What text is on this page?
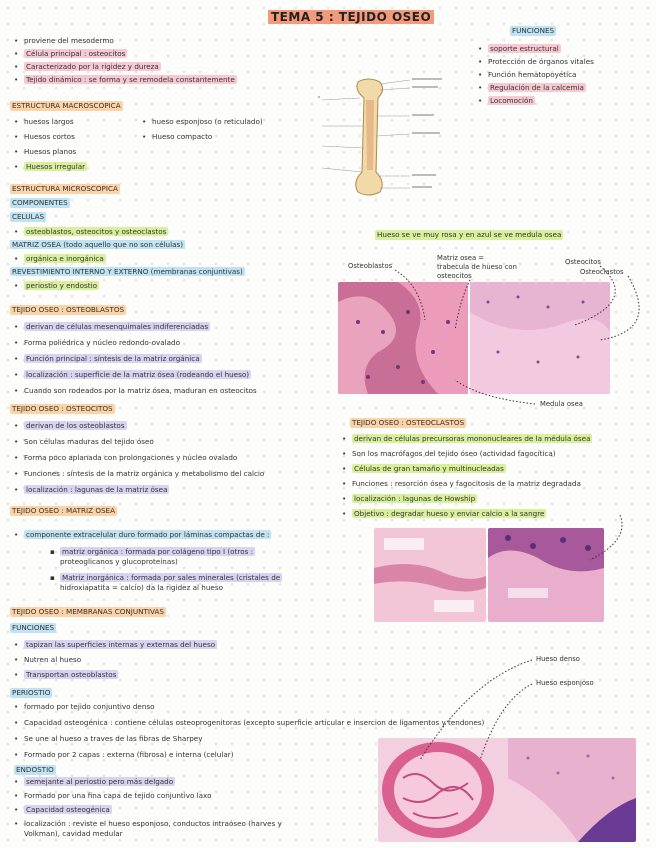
TEMA 5 : TEJIDO OSEO
• proviene del mesodermo
• Célula principal : osteocitos
• Caracterizado por la rigidez y dureza
• Tejido dinámico : se forma y se remodela constantemente
FUNCIONES
• soporte estructural
• Protección de órganos vitales
• Función hematopoyética
• Regulación de la calcemia
• Locomoción
ESTRUCTURA MACROSCOPICA
• huesos largos
• Huesos cortos
• Huesos planos
• Huesos irregular
• hueso esponjoso (o reticulado)
• Hueso compacto
ESTRUCTURA MICROSCOPICA
COMPONENTES
CELULAS
• osteoblastos, osteocitos y osteoclastos
MATRIZ OSEA (todo aquello que no son células)
• orgánica e inorgánica
REVESTIMIENTO INTERNO Y EXTERNO (membranas conjuntivas)
• periostio y endostio
Hueso se ve muy rosa y en azul se ve medula osea
Osteoblastos
Matriz osea =
trabecula de hueso con
osteocitos
Osteocitos
Osteoclastos
Medula osea
TEJIDO OSEO : OSTEOBLASTOS
• derivan de células mesenquimales indiferenciadas
• Forma poliédrica y núcleo redondo-ovalado
• Función principal : síntesis de la matriz orgánica
• localización : superficie de la matriz ósea (rodeando el hueso)
• Cuando son rodeados por la matriz ósea, maduran en osteocitos
TEJIDO OSEO : OSTEOCITOS
• derivan de los osteoblastos
• Son células maduras del tejido óseo
• Forma poco aplanada con prolongaciones y núcleo ovalado
• Funciones : síntesis de la matriz orgánica y metabolismo del calcio
• localización : lagunas de la matriz ósea
TEJIDO OSEO : OSTEOCLASTOS
• derivan de células precursoras mononucleares de la médula ósea
• Son los macrófagos del tejido óseo (actividad fagocítica)
• Células de gran tamaño y multinucleadas
• Funciones : resorción ósea y fagocitosis de la matriz degradada
• localización : lagunas de Howship
• Objetivo : degradar hueso y enviar calcio a la sangre
TEJIDO OSEO : MATRIZ OSEA
• componente extracelular duro formado por láminas compactas de :
▪ matriz orgánica : formada por colágeno tipo I (otros :
proteoglicanos y glucoproteínas)
▪ Matriz inorgánica : formada por sales minerales (cristales de
hidroxiapatita = calcio) da la rigidez al hueso
TEJIDO OSEO : MEMBRANAS CONJUNTIVAS
FUNCIONES
• tapizan las superficies internas y externas del hueso
• Nutren al hueso
• Transportan osteoblastos
PERIOSTIO
• formado por tejido conjuntivo denso
• Capacidad osteogénica : contiene células osteoprogenitoras (excepto superficie articular e insercion de ligamentos y tendones)
• Se une al hueso a traves de las fibras de Sharpey
• Formado por 2 capas : externa (fibrosa) e interna (celular)
ENDOSTIO
• semejante al periostio pero más delgado
• Formado por una fina capa de tejido conjuntivo laxo
• Capacidad osteogénica
• localización : reviste el hueso esponjoso, conductos intraóseo (harves y
Volkman), cavidad medular
Hueso denso
Hueso esponjoso
